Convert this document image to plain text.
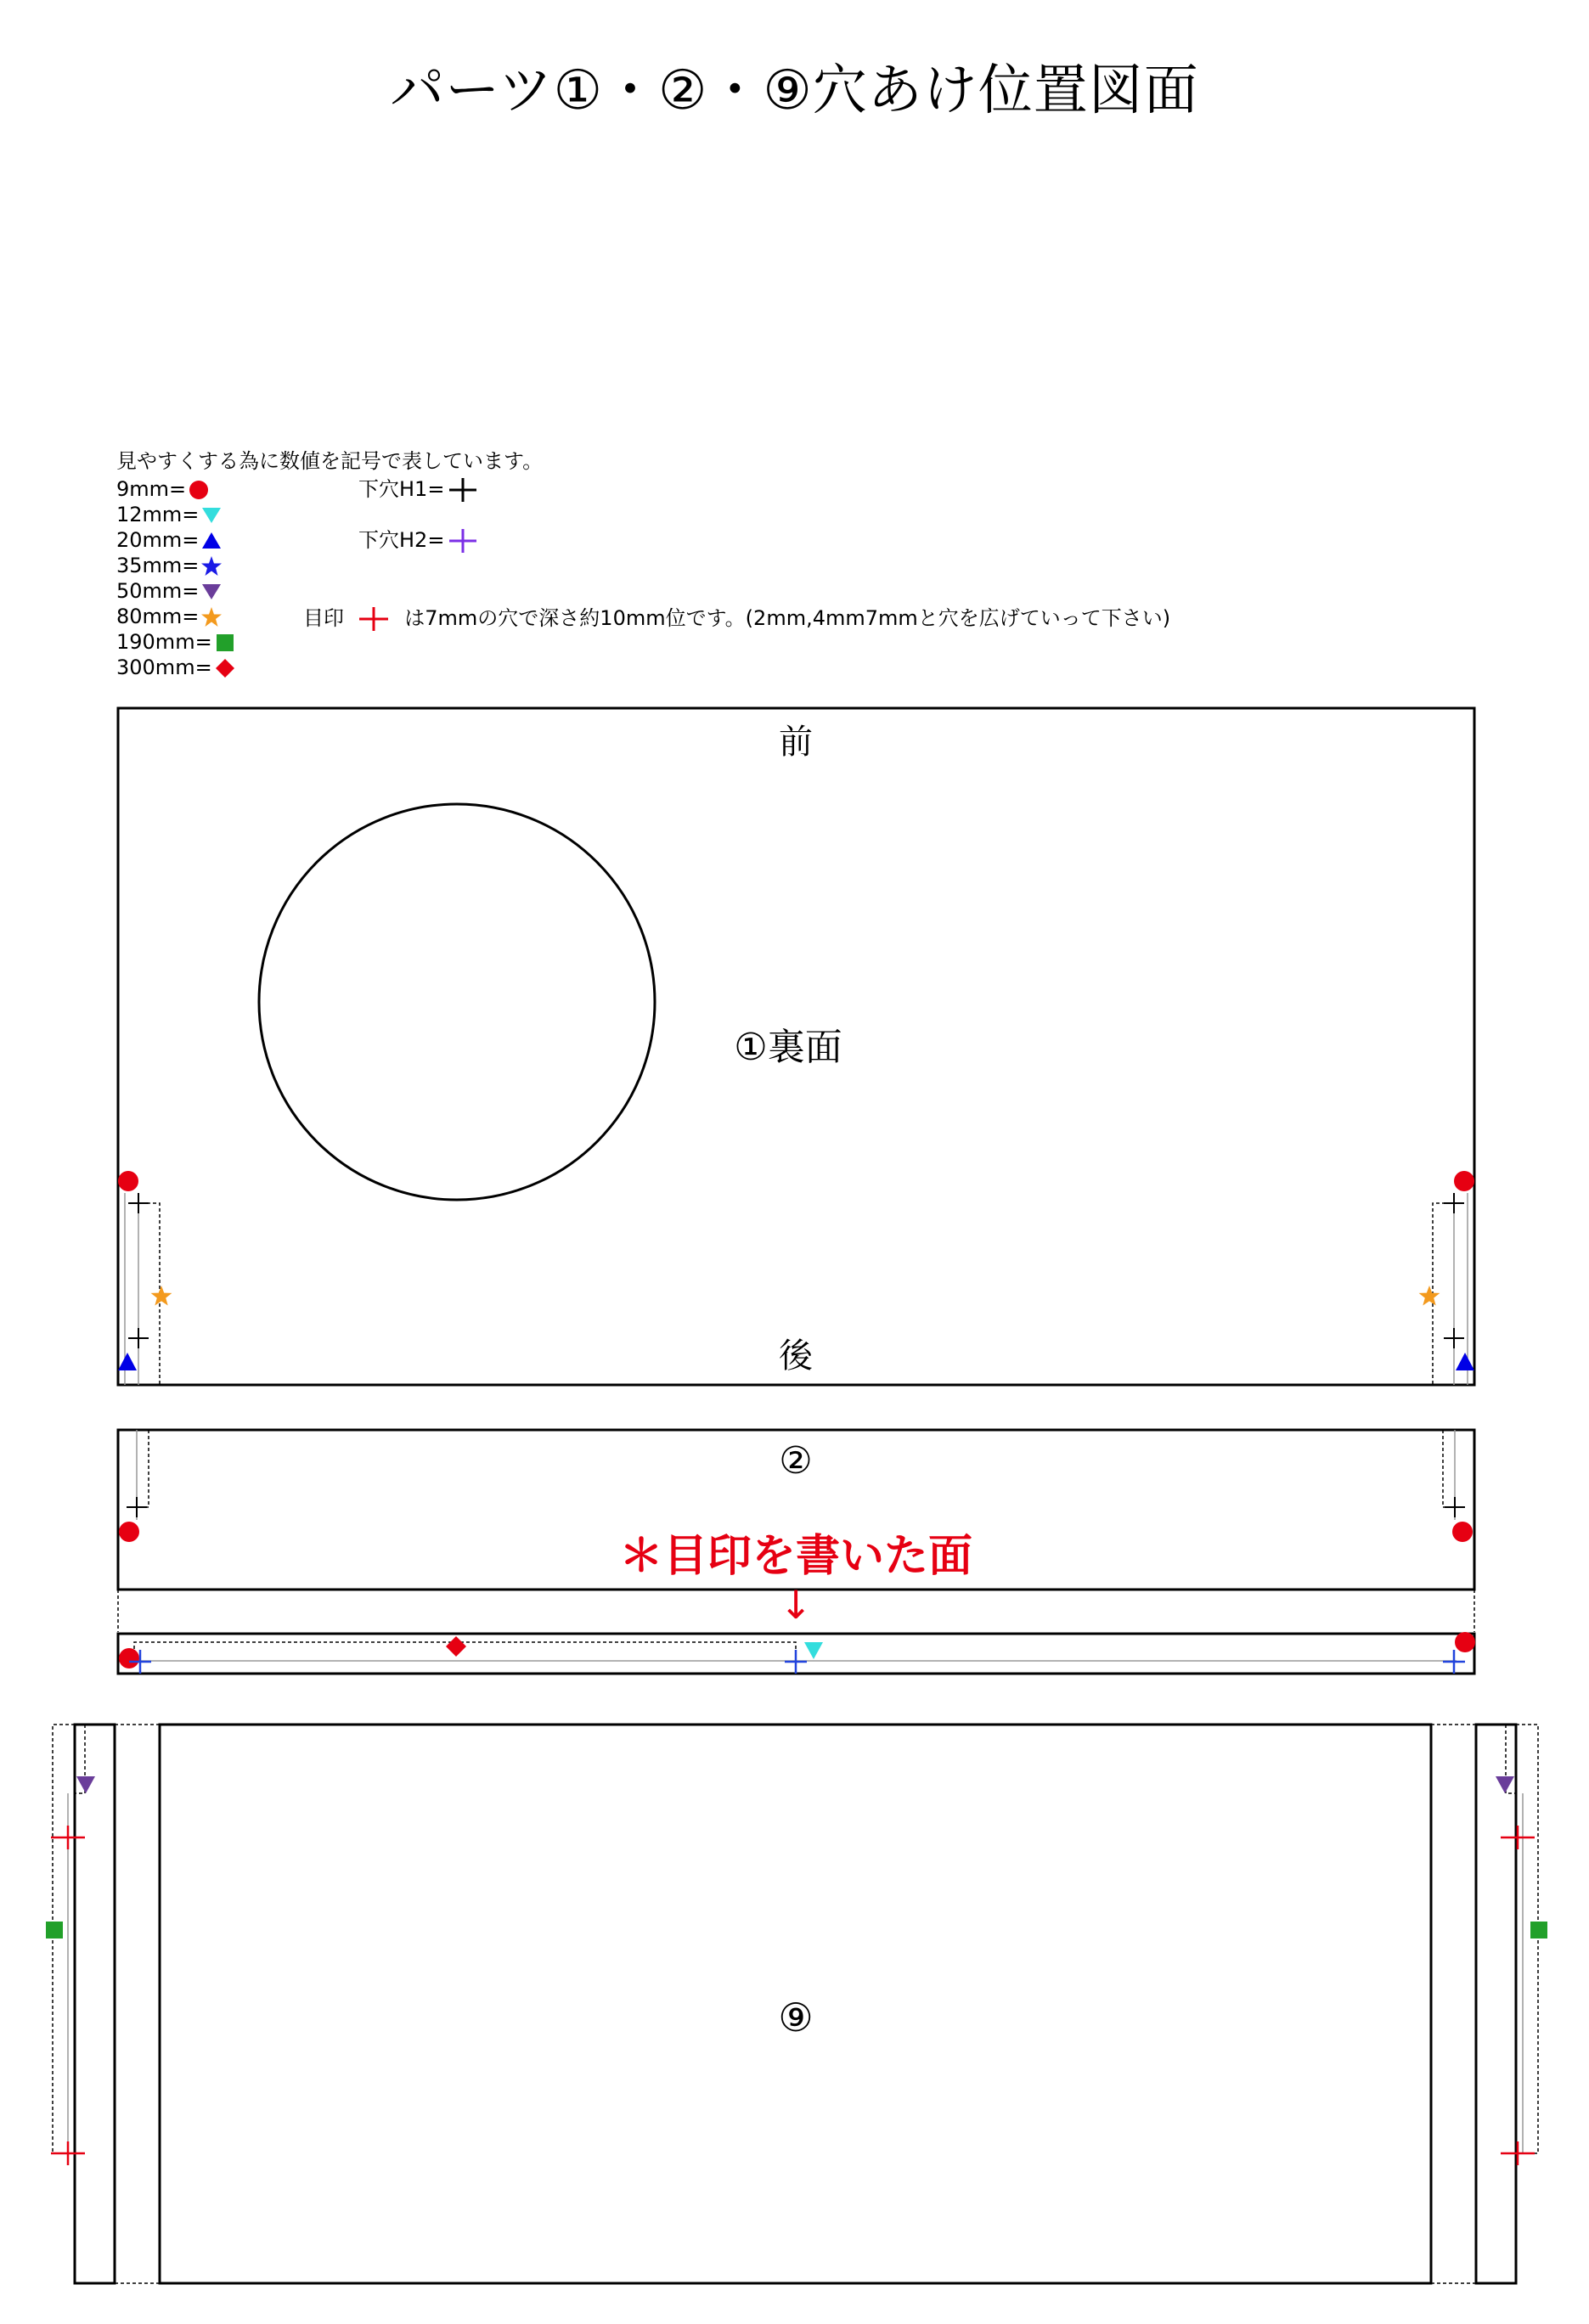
パーツ①・②・⑨穴あけ位置図面
見やすくする為に数値を記号で表しています。
9mm=
12mm=
20mm=
35mm=
50mm=
80mm=
190mm=
300mm=
下穴H1=
下穴H2=
目印	は7mmの穴で深さ約10mm位です。(2mm,4mm7mmと穴を広げていって下さい)
前
①裏面
後
②
＊目印を書いた面
↓
⑨
